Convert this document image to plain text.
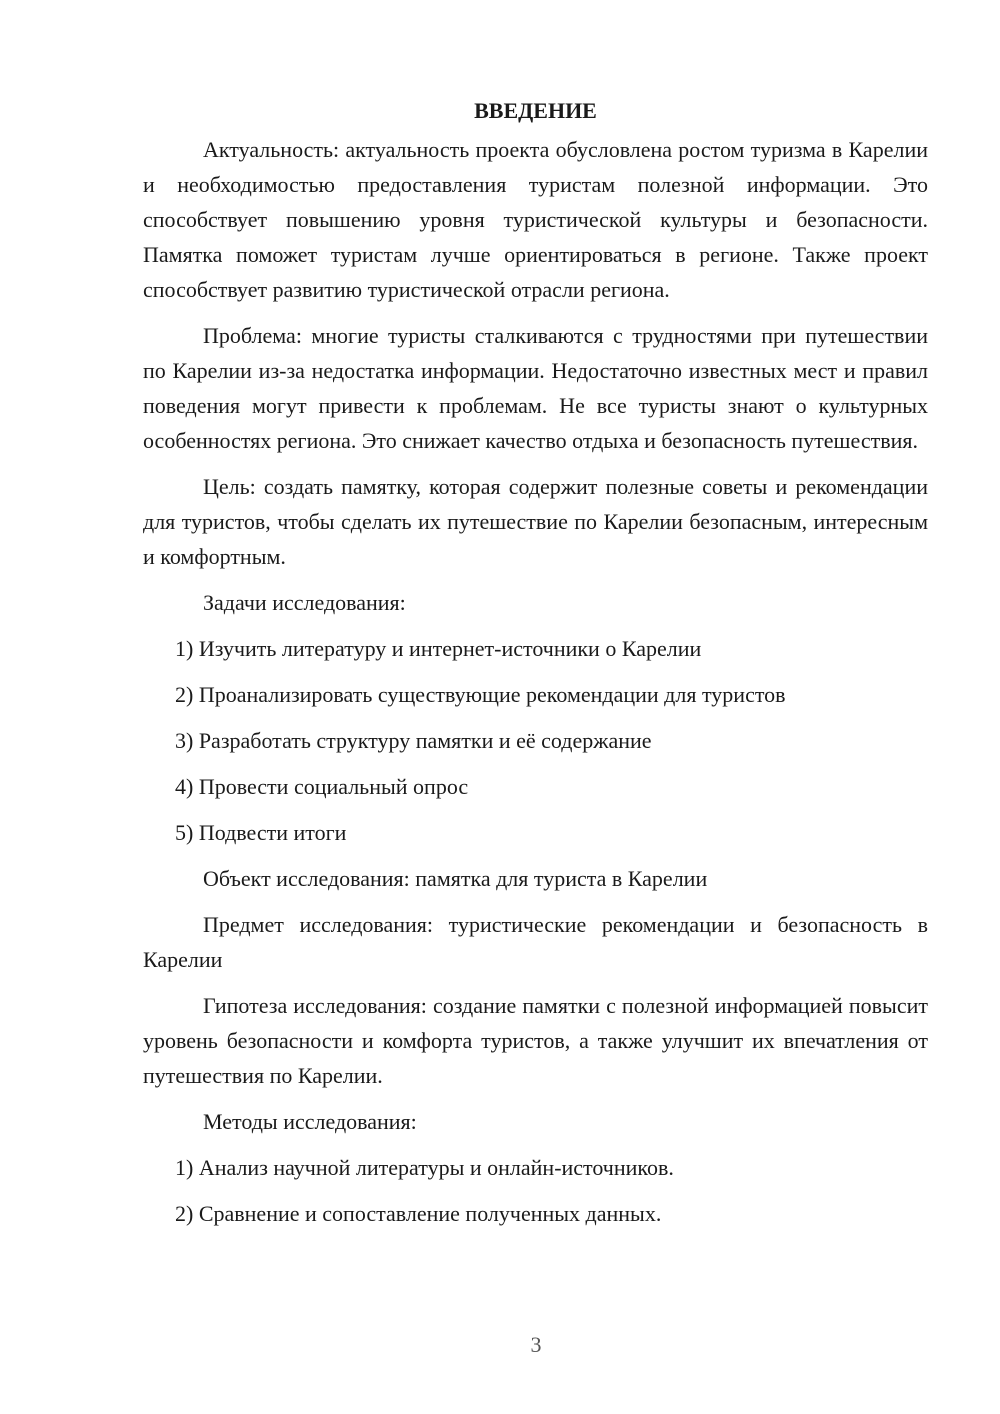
ВВЕДЕНИЕ

Актуальность: актуальность проекта обусловлена ростом туризма в Карелии и необходимостью предоставления туристам полезной информации. Это способствует повышению уровня туристической культуры и безопасности. Памятка поможет туристам лучше ориентироваться в регионе. Также проект способствует развитию туристической отрасли региона.

Проблема: многие туристы сталкиваются с трудностями при путешествии по Карелии из-за недостатка информации. Недостаточно известных мест и правил поведения могут привести к проблемам. Не все туристы знают о культурных особенностях региона. Это снижает качество отдыха и безопасность путешествия.

Цель: создать памятку, которая содержит полезные советы и рекомендации для туристов, чтобы сделать их путешествие по Карелии безопасным, интересным и комфортным.

Задачи исследования:

1) Изучить литературу и интернет-источники о Карелии
2) Проанализировать существующие рекомендации для туристов
3) Разработать структуру памятки и её содержание
4) Провести социальный опрос
5) Подвести итоги

Объект исследования: памятка для туриста в Карелии

Предмет исследования: туристические рекомендации и безопасность в Карелии

Гипотеза исследования: создание памятки с полезной информацией повысит уровень безопасности и комфорта туристов, а также улучшит их впечатления от путешествия по Карелии.

Методы исследования:

1) Анализ научной литературы и онлайн-источников.
2) Сравнение и сопоставление полученных данных.
3
